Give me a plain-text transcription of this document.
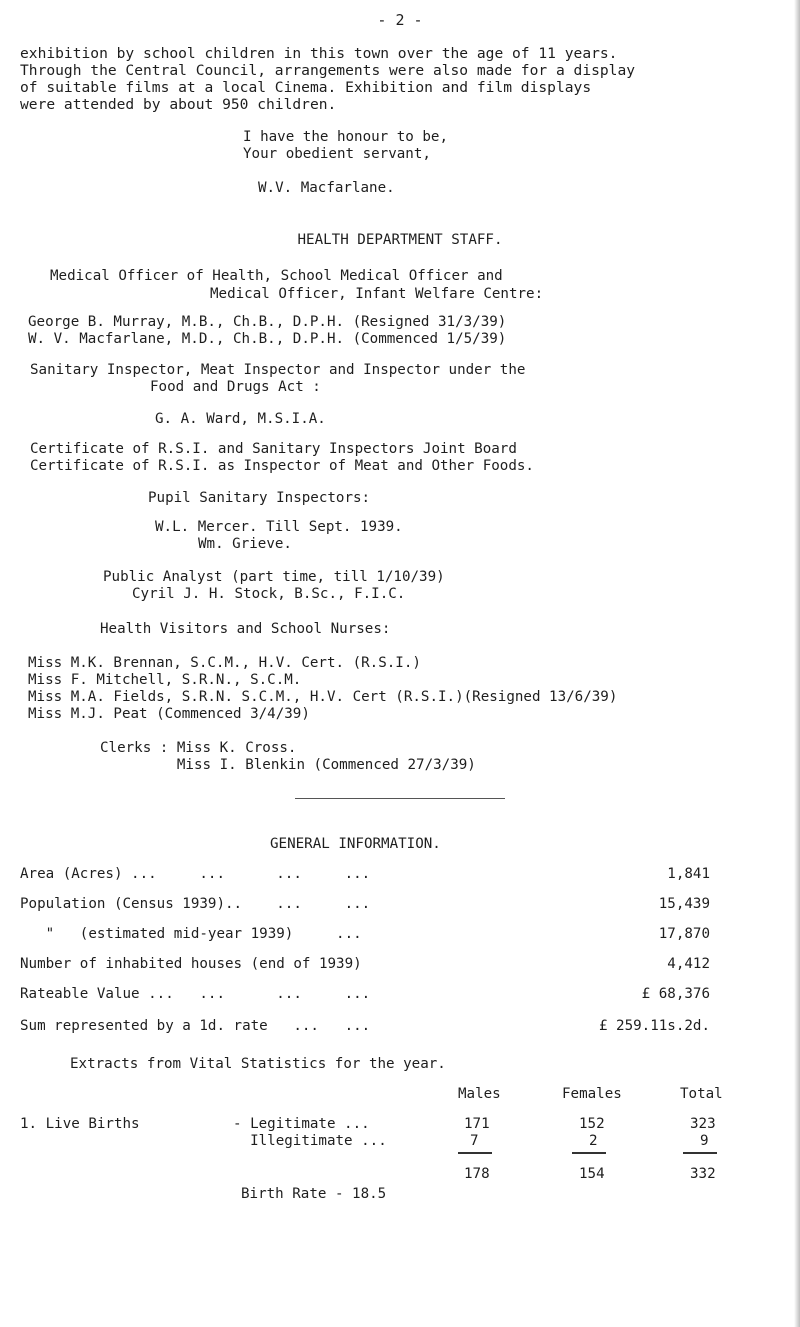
- 2 -
exhibition by school children in this town over the age of 11 years.
Through the Central Council, arrangements were also made for a display
of suitable films at a local Cinema. Exhibition and film displays
were attended by about 950 children.
I have the honour to be,
Your obedient servant,
W.V. Macfarlane.
HEALTH DEPARTMENT STAFF.
Medical Officer of Health, School Medical Officer and
Medical Officer, Infant Welfare Centre:
George B. Murray, M.B., Ch.B., D.P.H. (Resigned 31/3/39)
W. V. Macfarlane, M.D., Ch.B., D.P.H. (Commenced 1/5/39)
Sanitary Inspector, Meat Inspector and Inspector under the
Food and Drugs Act :
G. A. Ward, M.S.I.A.
Certificate of R.S.I. and Sanitary Inspectors Joint Board
Certificate of R.S.I. as Inspector of Meat and Other Foods.
Pupil Sanitary Inspectors:
W.L. Mercer. Till Sept. 1939.
Wm. Grieve.
Public Analyst (part time, till 1/10/39)
Cyril J. H. Stock, B.Sc., F.I.C.
Health Visitors and School Nurses:
Miss M.K. Brennan, S.C.M., H.V. Cert. (R.S.I.)
Miss F. Mitchell, S.R.N., S.C.M.
Miss M.A. Fields, S.R.N. S.C.M., H.V. Cert (R.S.I.)(Resigned 13/6/39)
Miss M.J. Peat (Commenced 3/4/39)
Clerks : Miss K. Cross.
Miss I. Blenkin (Commenced 27/3/39)
GENERAL INFORMATION.
Area (Acres) ...     ...      ...     ...	1,841
Population (Census 1939)..    ...     ...	15,439
"   (estimated mid-year 1939)     ...	17,870
Number of inhabited houses (end of 1939)	4,412
Rateable Value ...   ...      ...     ...	£ 68,376
Sum represented by a 1d. rate   ...   ...	£ 259.11s.2d.
Extracts from Vital Statistics for the year.
Males	Females	Total
1. Live Births	- Legitimate ...	171	152	323
Illegitimate ...	7	2	9
178	154	332
Birth Rate - 18.5
